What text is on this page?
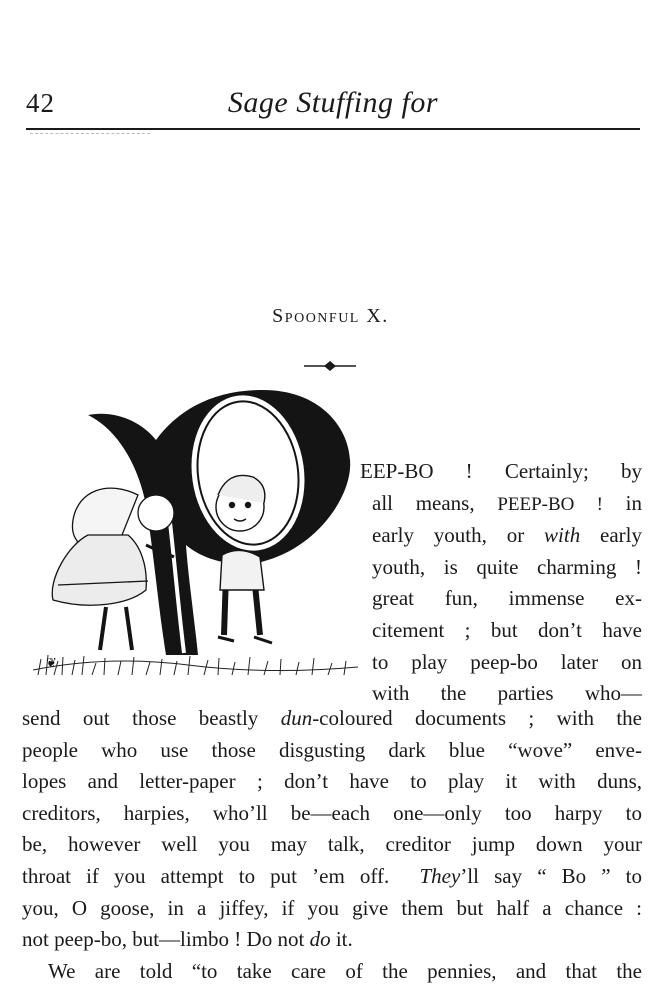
42	Sage Stuffing for
Spoonful X.
❦
EEP-BO ! Certainly; by
all means, PEEP-BO ! in
early youth, or with early
youth, is quite charming !
great fun, immense ex-
citement ; but don’t have
to play peep-bo later on
with the parties who—
send out those beastly dun-coloured documents ; with the
people who use those disgusting dark blue “wove” enve-
lopes and letter-paper ; don’t have to play it with duns,
creditors, harpies, who’ll be—each one—only too harpy to
be, however well you may talk, creditor jump down your
throat if you attempt to put ’em off. They’ll say “ Bo ” to
you, O goose, in a jiffey, if you give them but half a chance :
not peep-bo, but—limbo ! Do not do it.
We are told “to take care of the pennies, and that the
